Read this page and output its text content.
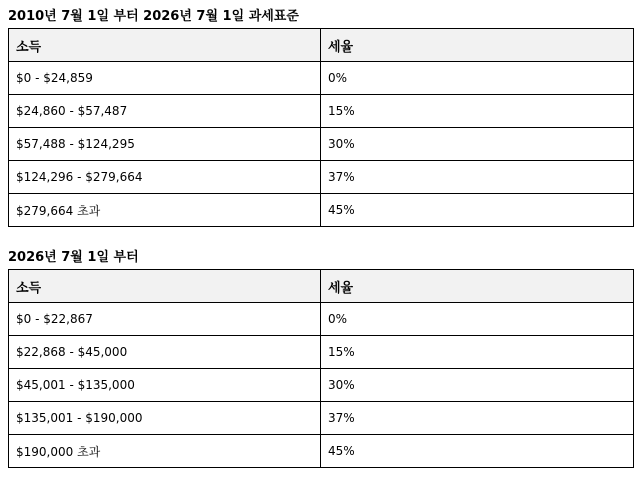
2010년 7월 1일 부터 2026년 7월 1일 과세표준
소득	세율
$0 - $24,859	0%
$24,860 - $57,487	15%
$57,488 - $124,295	30%
$124,296 - $279,664	37%
$279,664 초과	45%
2026년 7월 1일 부터
소득	세율
$0 - $22,867	0%
$22,868 - $45,000	15%
$45,001 - $135,000	30%
$135,001 - $190,000	37%
$190,000 초과	45%
